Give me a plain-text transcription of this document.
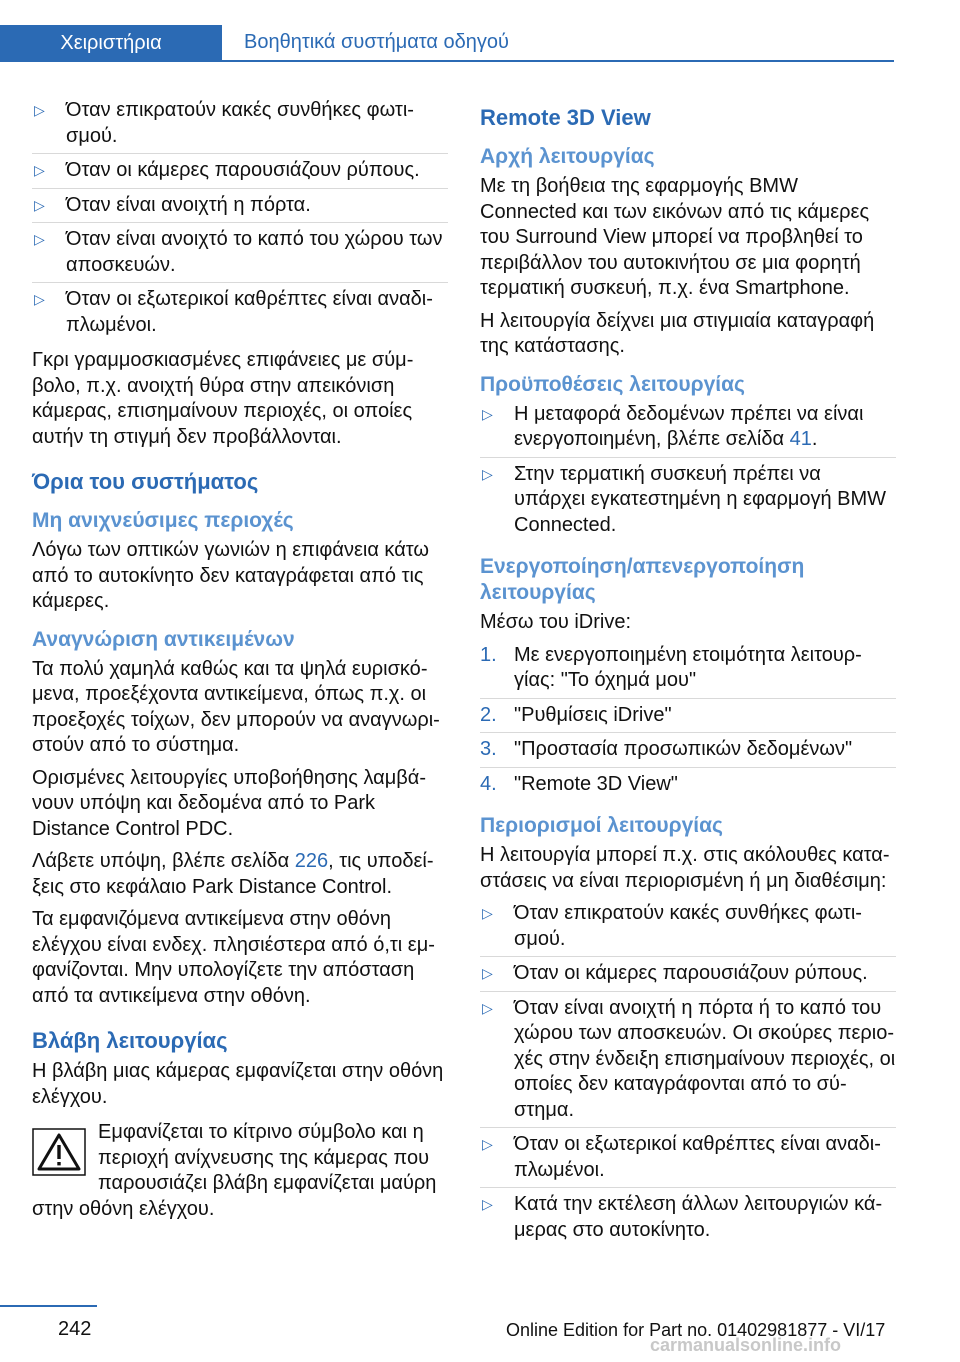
Χειριστήρια	Βοηθητικά συστήματα οδηγού
▷ Όταν επικρατούν κακές συνθήκες φωτισμού.
▷ Όταν οι κάμερες παρουσιάζουν ρύπους.
▷ Όταν είναι ανοιχτή η πόρτα.
▷ Όταν είναι ανοιχτό το καπό του χώρου των αποσκευών.
▷ Όταν οι εξωτερικοί καθρέπτες είναι αναδιπλωμένοι.

Γκρι γραμμοσκιασμένες επιφάνειες με σύμβολο, π.χ. ανοιχτή θύρα στην απεικόνιση κάμερας, επισημαίνουν περιοχές, οι οποίες αυτήν τη στιγμή δεν προβάλλονται.

Όρια του συστήματος
Μη ανιχνεύσιμες περιοχές

Λόγω των οπτικών γωνιών η επιφάνεια κάτω από το αυτοκίνητο δεν καταγράφεται από τις κάμερες.

Αναγνώριση αντικειμένων

Τα πολύ χαμηλά καθώς και τα ψηλά ευρισκόμενα, προεξέχοντα αντικείμενα, όπως π.χ. οι προεξοχές τοίχων, δεν μπορούν να αναγνωριστούν από το σύστημα.

Ορισμένες λειτουργίες υποβοήθησης λαμβάνουν υπόψη και δεδομένα από το Park Distance Control PDC.

Λάβετε υπόψη, βλέπε σελίδα 226, τις υποδείξεις στο κεφάλαιο Park Distance Control.

Τα εμφανιζόμενα αντικείμενα στην οθόνη ελέγχου είναι ενδεχ. πλησιέστερα από ό,τι εμφανίζονται. Μην υπολογίζετε την απόσταση από τα αντικείμενα στην οθόνη.

Βλάβη λειτουργίας

Η βλάβη μιας κάμερας εμφανίζεται στην οθόνη ελέγχου.

Εμφανίζεται το κίτρινο σύμβολο και η περιοχή ανίχνευσης της κάμερας που παρουσιάζει βλάβη εμφανίζεται μαύρη
στην οθόνη ελέγχου.
Remote 3D View
Αρχή λειτουργίας

Με τη βοήθεια της εφαρμογής BMW Connected και των εικόνων από τις κάμερες του Surround View μπορεί να προβληθεί το περιβάλλον του αυτοκινήτου σε μια φορητή τερματική συσκευή, π.χ. ένα Smartphone.

Η λειτουργία δείχνει μια στιγμιαία καταγραφή της κατάστασης.

Προϋποθέσεις λειτουργίας
▷ Η μεταφορά δεδομένων πρέπει να είναι ενεργοποιημένη, βλέπε σελίδα 41.
▷ Στην τερματική συσκευή πρέπει να υπάρχει εγκατεστημένη η εφαρμογή BMW Connected.
Ενεργοποίηση/απενεργοποίηση λειτουργίας

Μέσω του iDrive:

1. Με ενεργοποιημένη ετοιμότητα λειτουργίας: "Το όχημά μου"
2. "Ρυθμίσεις iDrive"
3. "Προστασία προσωπικών δεδομένων"
4. "Remote 3D View"
Περιορισμοί λειτουργίας

Η λειτουργία μπορεί π.χ. στις ακόλουθες καταστάσεις να είναι περιορισμένη ή μη διαθέσιμη:

▷ Όταν επικρατούν κακές συνθήκες φωτισμού.
▷ Όταν οι κάμερες παρουσιάζουν ρύπους.
▷ Όταν είναι ανοιχτή η πόρτα ή το καπό του χώρου των αποσκευών. Οι σκούρες περιοχές στην ένδειξη επισημαίνουν περιοχές, οι οποίες δεν καταγράφονται από το σύστημα.
▷ Όταν οι εξωτερικοί καθρέπτες είναι αναδιπλωμένοι.
▷ Κατά την εκτέλεση άλλων λειτουργιών κάμερας στο αυτοκίνητο.
242	Online Edition for Part no. 01402981877 - VI/17
carmanualsonline.info
